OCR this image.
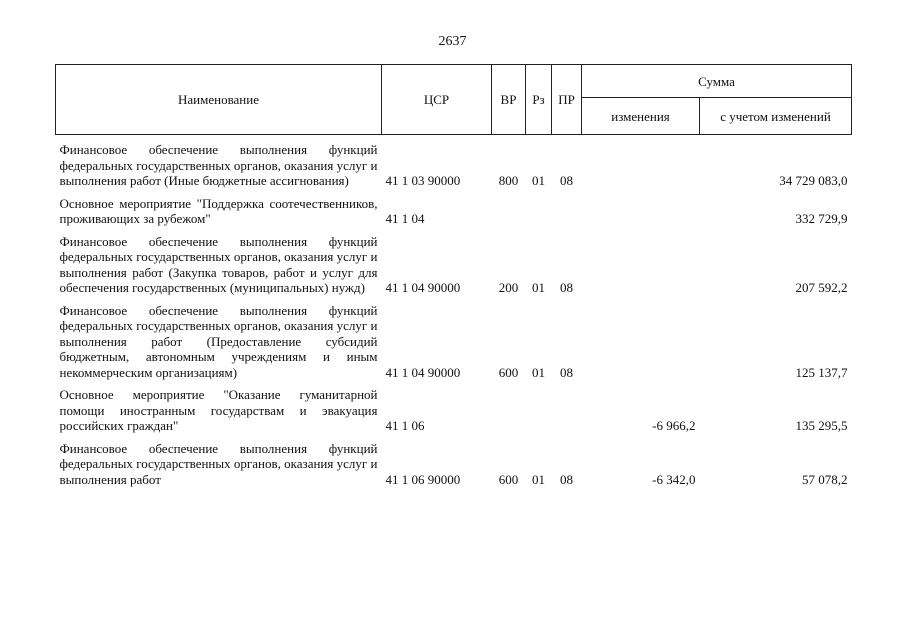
2637
Наименование	ЦСР	ВР	Рз	ПР	Сумма	
					изменения	с учетом изменений

Финансовое обеспечение выполнения функций федеральных государственных органов, оказания услуг и выполнения работ (Иные бюджетные ассигнования)	41 1 03 90000	800	01	08		34 729 083,0

Основное мероприятие "Поддержка соотечественников, проживающих за рубежом"	41 1 04					332 729,9

Финансовое обеспечение выполнения функций федеральных государственных органов, оказания услуг и выполнения работ (Закупка товаров, работ и услуг для обеспечения государственных (муниципальных) нужд)	41 1 04 90000	200	01	08		207 592,2

Финансовое обеспечение выполнения функций федеральных государственных органов, оказания услуг и выполнения работ (Предоставление субсидий бюджетным, автономным учреждениям и иным некоммерческим организациям)	41 1 04 90000	600	01	08		125 137,7

Основное мероприятие "Оказание гуманитарной помощи иностранным государствам и эвакуация российских граждан"	41 1 06				-6 966,2	135 295,5

Финансовое обеспечение выполнения функций федеральных государственных органов, оказания услуг и выполнения работ	41 1 06 90000	600	01	08	-6 342,0	57 078,2
